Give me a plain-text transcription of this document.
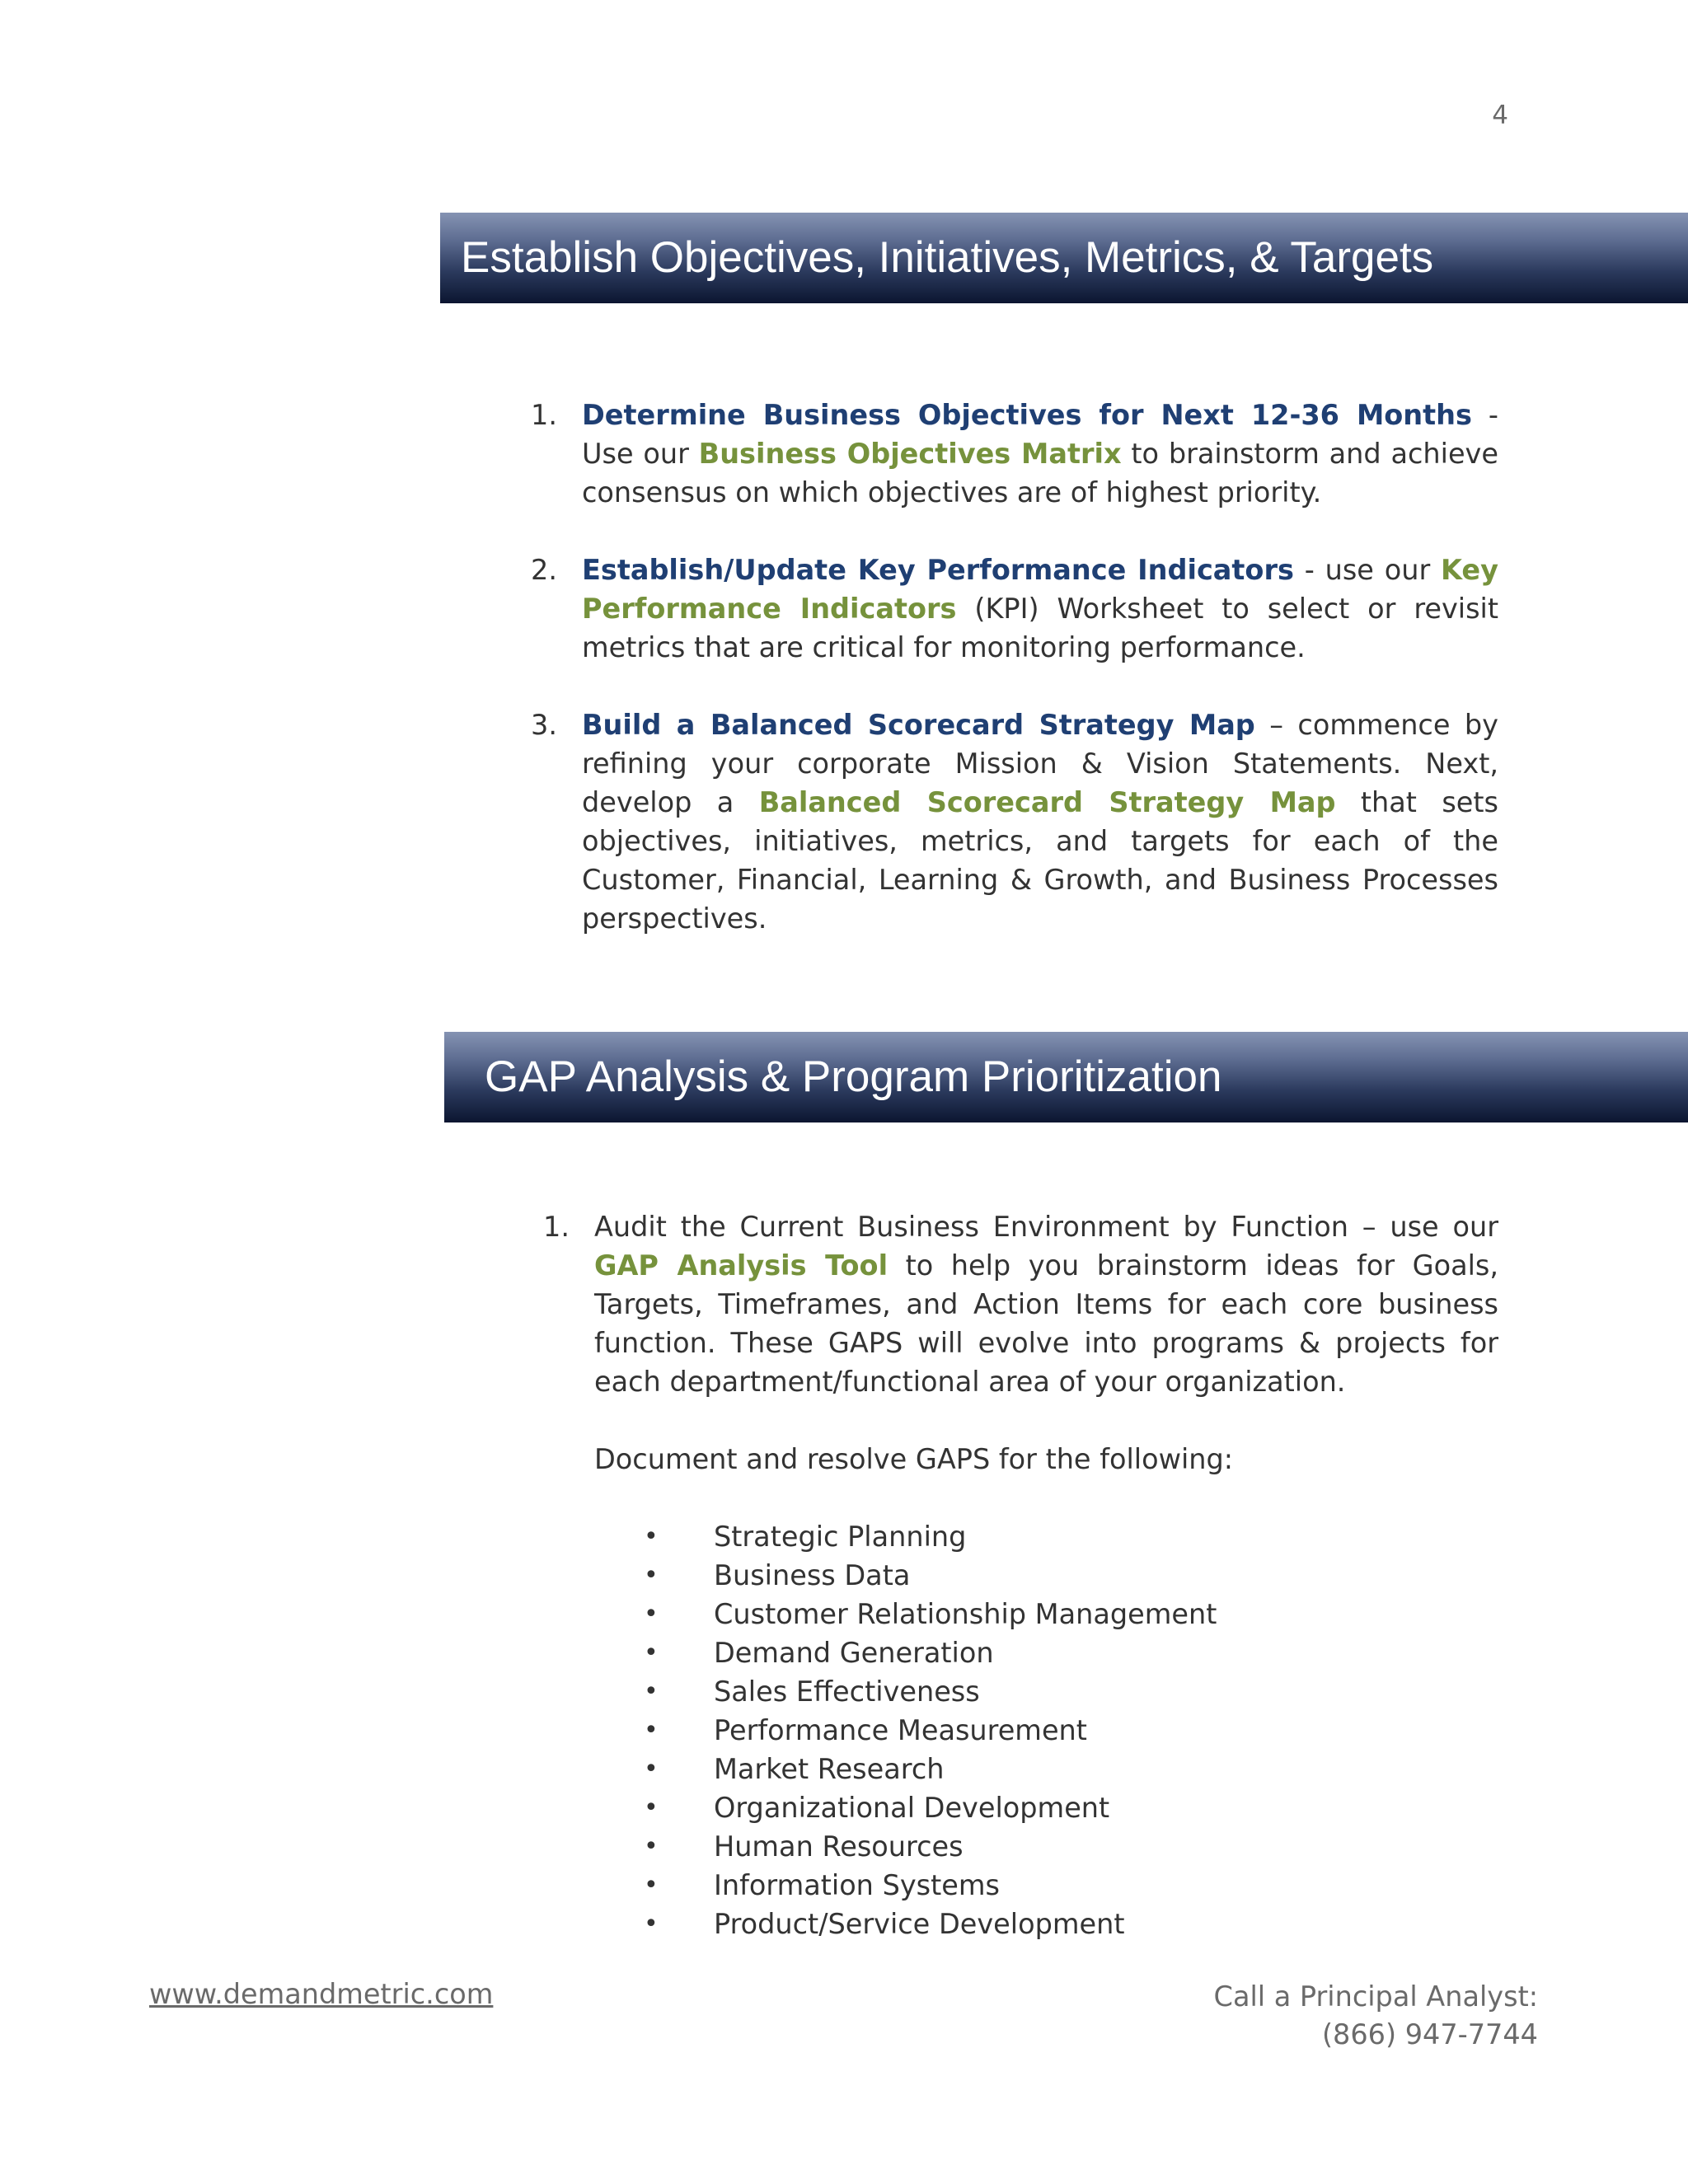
4
Establish Objectives, Initiatives, Metrics, & Targets
1. Determine Business Objectives for Next 12-36 Months - Use our Business Objectives Matrix to brainstorm and achieve consensus on which objectives are of highest priority.
2. Establish/Update Key Performance Indicators - use our Key Performance Indicators (KPI) Worksheet to select or revisit metrics that are critical for monitoring performance.
3. Build a Balanced Scorecard Strategy Map – commence by refining your corporate Mission & Vision Statements. Next, develop a Balanced Scorecard Strategy Map that sets objectives, initiatives, metrics, and targets for each of the Customer, Financial, Learning & Growth, and Business Processes perspectives.
GAP Analysis & Program Prioritization
1. Audit the Current Business Environment by Function – use our GAP Analysis Tool to help you brainstorm ideas for Goals, Targets, Timeframes, and Action Items for each core business function. These GAPS will evolve into programs & projects for each department/functional area of your organization.

Document and resolve GAPS for the following:

• Strategic Planning
• Business Data
• Customer Relationship Management
• Demand Generation
• Sales Effectiveness
• Performance Measurement
• Market Research
• Organizational Development
• Human Resources
• Information Systems
• Product/Service Development
www.demandmetric.com	Call a Principal Analyst:
(866) 947-7744
